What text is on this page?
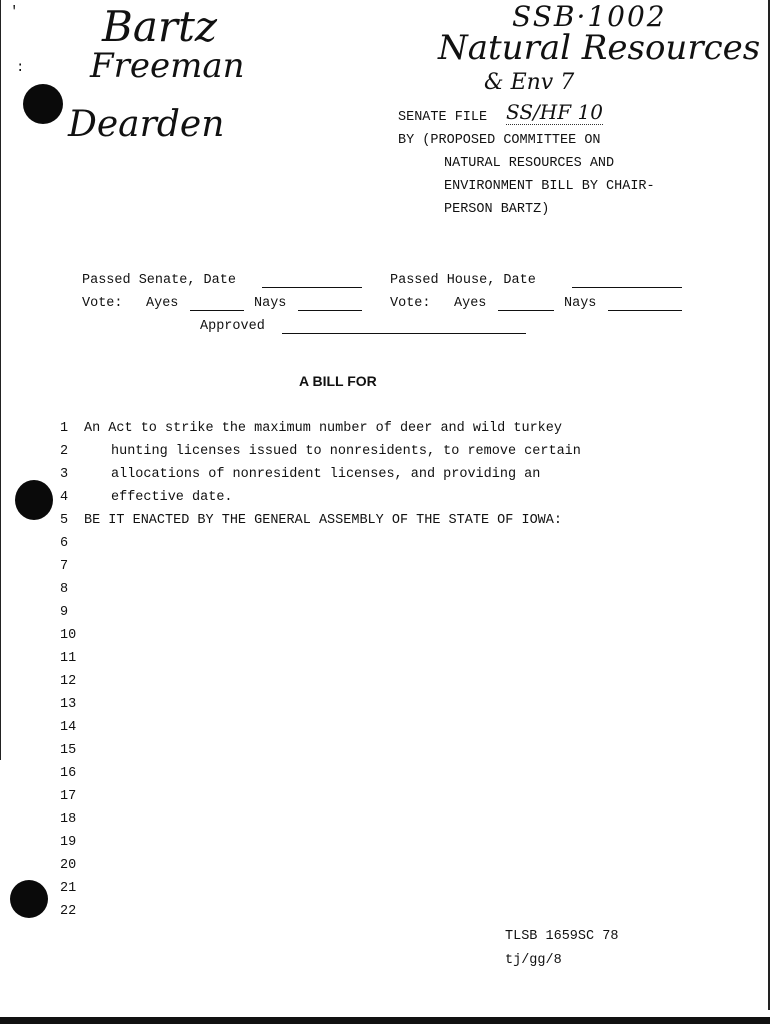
'
:
Bartz
Freeman
Dearden
SSB·1002
Natural Resources
& Env 7
SENATE FILE SS/HF 10
BY (PROPOSED COMMITTEE ON
NATURAL RESOURCES AND
ENVIRONMENT BILL BY CHAIR-
PERSON BARTZ)
Passed Senate, Date	Passed House, Date
Vote: Ayes	Nays	Vote: Ayes	Nays
Approved
A BILL FOR
1	An Act to strike the maximum number of deer and wild turkey
2	hunting licenses issued to nonresidents, to remove certain
3	allocations of nonresident licenses, and providing an
4	effective date.
5	BE IT ENACTED BY THE GENERAL ASSEMBLY OF THE STATE OF IOWA:
6
7
8
9
10
11
12
13
14
15
16
17
18
19
20
21
22
TLSB 1659SC 78
tj/gg/8
